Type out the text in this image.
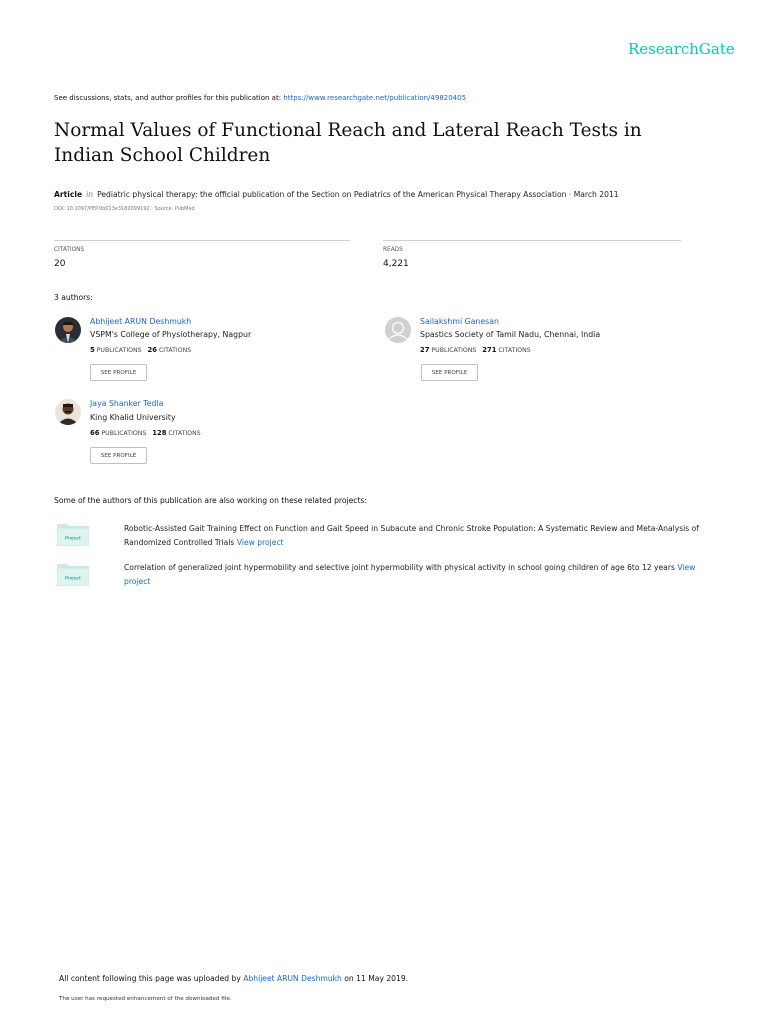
ResearchGate
See discussions, stats, and author profiles for this publication at: https://www.researchgate.net/publication/49820405
Normal Values of Functional Reach and Lateral Reach Tests in Indian School Children
Article in Pediatric physical therapy: the official publication of the Section on Pediatrics of the American Physical Therapy Association · March 2011
DOI: 10.1097/PEP.0b013e3182099192 · Source: PubMed
CITATIONS
20
READS
4,221
3 authors:
Abhijeet ARUN Deshmukh
VSPM's College of Physiotherapy, Nagpur
5 PUBLICATIONS 26 CITATIONS
SEE PROFILE
Sailakshmi Ganesan
Spastics Society of Tamil Nadu, Chennai, India
27 PUBLICATIONS 271 CITATIONS
SEE PROFILE
Jaya Shanker Tedla
King Khalid University
66 PUBLICATIONS 128 CITATIONS
SEE PROFILE
Some of the authors of this publication are also working on these related projects:
Project
Robotic-Assisted Gait Training Effect on Function and Gait Speed in Subacute and Chronic Stroke Population: A Systematic Review and Meta-Analysis of Randomized Controlled Trials View project
Project
Correlation of generalized joint hypermobility and selective joint hypermobility with physical activity in school going children of age 6to 12 years View project
All content following this page was uploaded by Abhijeet ARUN Deshmukh on 11 May 2019.
The user has requested enhancement of the downloaded file.
